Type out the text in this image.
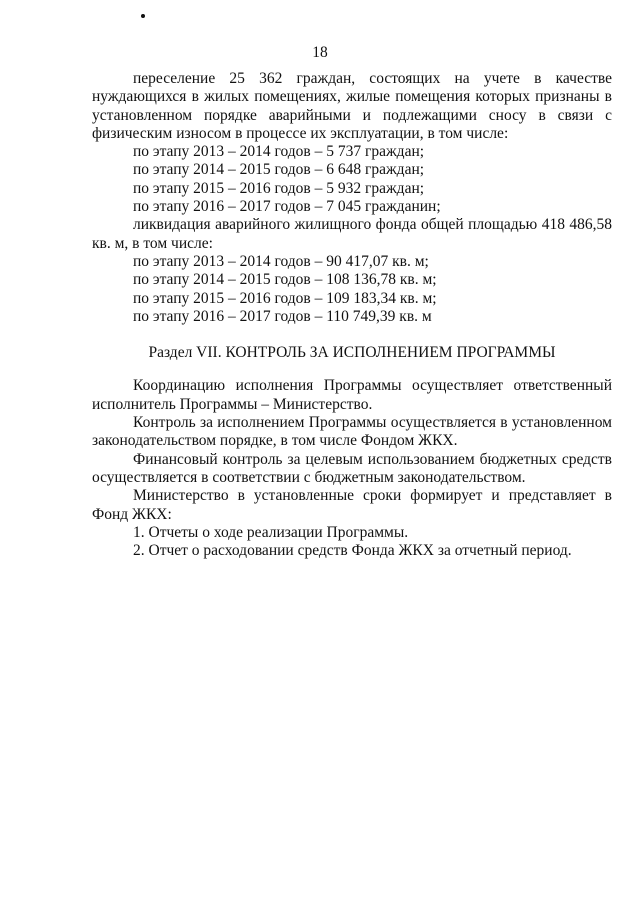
18

переселение 25 362 граждан, состоящих на учете в качестве нуждающихся в жилых помещениях, жилые помещения которых признаны в установленном порядке аварийными и подлежащими сносу в связи с физическим износом в процессе их эксплуатации, в том числе:

по этапу 2013 – 2014 годов – 5 737 граждан;

по этапу 2014 – 2015 годов – 6 648 граждан;

по этапу 2015 – 2016 годов – 5 932 граждан;

по этапу 2016 – 2017 годов – 7 045 гражданин;

ликвидация аварийного жилищного фонда общей площадью 418 486,58 кв. м, в том числе:

по этапу 2013 – 2014 годов – 90 417,07 кв. м;

по этапу 2014 – 2015 годов – 108 136,78 кв. м;

по этапу 2015 – 2016 годов – 109 183,34 кв. м;

по этапу 2016 – 2017 годов – 110 749,39 кв. м

Раздел VII. КОНТРОЛЬ ЗА ИСПОЛНЕНИЕМ ПРОГРАММЫ

Координацию исполнения Программы осуществляет ответственный исполнитель Программы – Министерство.

Контроль за исполнением Программы осуществляется в установленном законодательством порядке, в том числе Фондом ЖКХ.

Финансовый контроль за целевым использованием бюджетных средств осуществляется в соответствии с бюджетным законодательством.

Министерство в установленные сроки формирует и представляет в Фонд ЖКХ:

1. Отчеты о ходе реализации Программы.

2. Отчет о расходовании средств Фонда ЖКХ за отчетный период.
